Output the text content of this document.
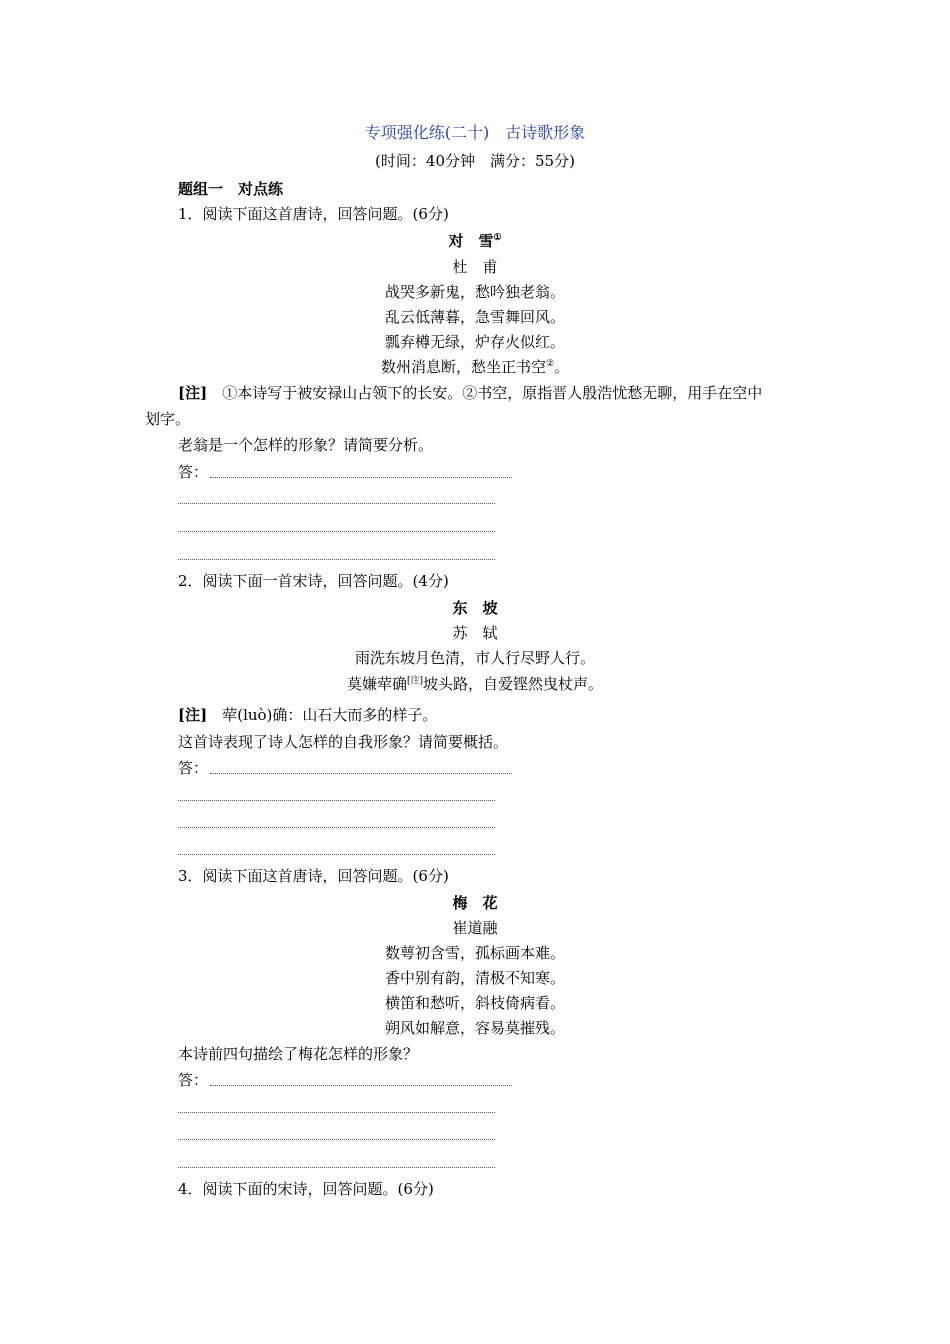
专项强化练(二十)　古诗歌形象
(时间：40分钟　满分：55分)
题组一　对点练
1．阅读下面这首唐诗，回答问题。(6分)
对　雪①
杜　甫
战哭多新鬼，愁吟独老翁。
乱云低薄暮，急雪舞回风。
瓢弃樽无绿，炉存火似红。
数州消息断，愁坐正书空②。
[注]　 ①本诗写于被安禄山占领下的长安。②书空，原指晋人殷浩忧愁无聊，用手在空中
划字。
老翁是一个怎样的形象？请简要分析。
答：
2．阅读下面一首宋诗，回答问题。(4分)
东　坡
苏　轼
雨洗东坡月色清，市人行尽野人行。
莫嫌荦确[注]坡头路，自爱铿然曳杖声。
[注]　 荦(luò)确：山石大而多的样子。
这首诗表现了诗人怎样的自我形象？请简要概括。
答：
3．阅读下面这首唐诗，回答问题。(6分)
梅　花
崔道融
数萼初含雪，孤标画本难。
香中别有韵，清极不知寒。
横笛和愁听，斜枝倚病看。
朔风如解意，容易莫摧残。
本诗前四句描绘了梅花怎样的形象？
答：
4．阅读下面的宋诗，回答问题。(6分)
